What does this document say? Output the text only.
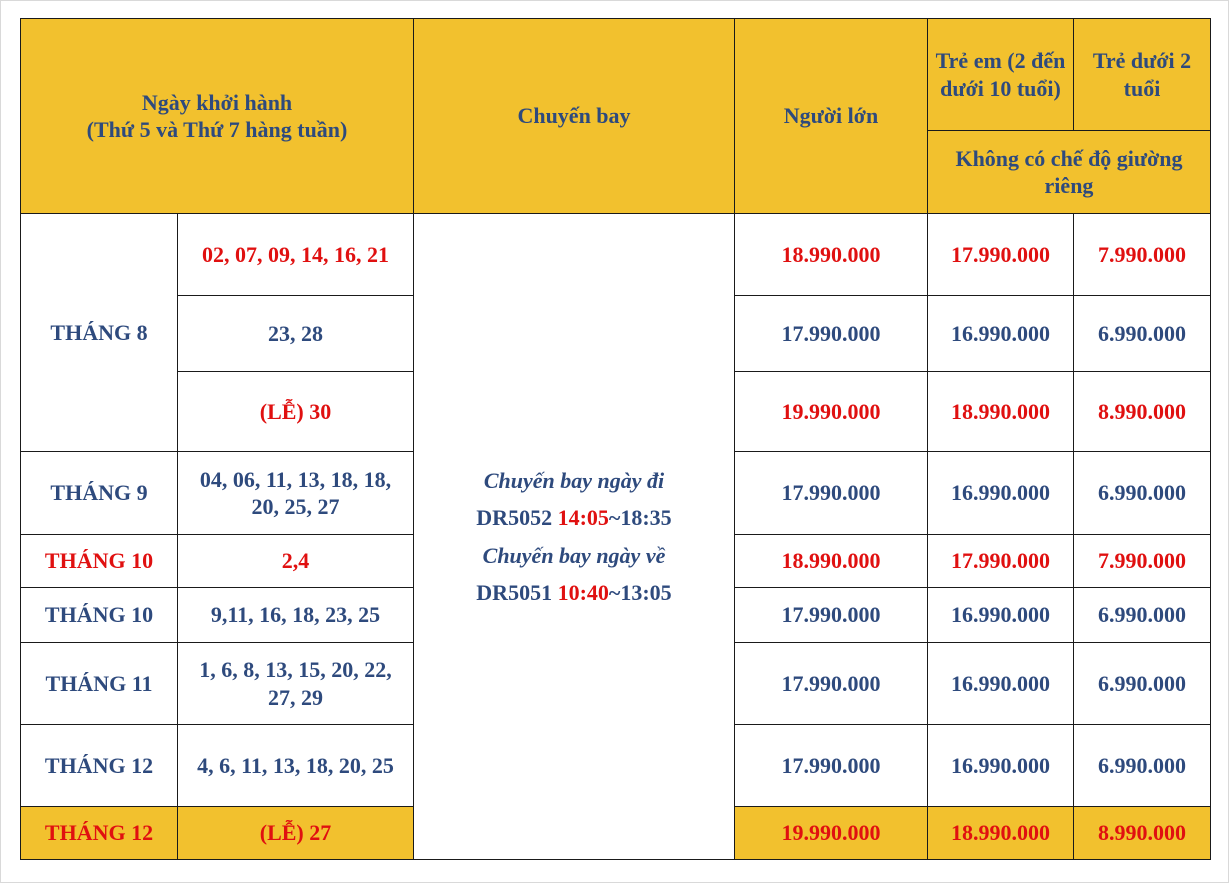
Ngày khởi hành
(Thứ 5 và Thứ 7 hàng tuần)		Chuyến bay	Người lớn	Trẻ em (2 đến dưới 10 tuổi)	Trẻ dưới 2 tuổi
				Không có chế độ giường riêng	
THÁNG 8	02, 07, 09, 14, 16, 21	Chuyến bay ngày đi
DR5052 14:05~18:35
Chuyến bay ngày về
DR5051 10:40~13:05	18.990.000	17.990.000	7.990.000
	23, 28		17.990.000	16.990.000	6.990.000
	(LỄ) 30		19.990.000	18.990.000	8.990.000
THÁNG 9	04, 06, 11, 13, 18, 18, 20, 25, 27		17.990.000	16.990.000	6.990.000
THÁNG 10	2,4		18.990.000	17.990.000	7.990.000
THÁNG 10	9,11, 16, 18, 23, 25		17.990.000	16.990.000	6.990.000
THÁNG 11	1, 6, 8, 13, 15, 20, 22, 27, 29		17.990.000	16.990.000	6.990.000
THÁNG 12	4, 6, 11, 13, 18, 20, 25		17.990.000	16.990.000	6.990.000
THÁNG 12	(LỄ) 27		19.990.000	18.990.000	8.990.000
